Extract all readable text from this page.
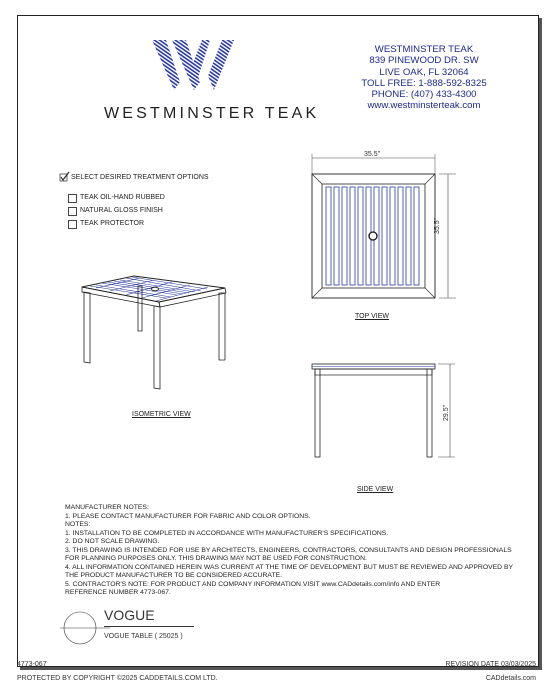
WESTMINSTER TEAK
WESTMINSTER TEAK
839 PINEWOOD DR. SW
LIVE OAK, FL 32064
TOLL FREE: 1-888-592-8325
PHONE: (407) 433-4300
www.westminsterteak.com
SELECT DESIRED TREATMENT OPTIONS
TEAK OIL-HAND RUBBED
NATURAL GLOSS FINISH
TEAK PROTECTOR
35.5"
35.5"
TOP VIEW
ISOMETRIC VIEW	29.5"
SIDE VIEW
MANUFACTURER NOTES:
1. PLEASE CONTACT MANUFACTURER FOR FABRIC AND COLOR OPTIONS.
NOTES:
1. INSTALLATION TO BE COMPLETED IN ACCORDANCE WITH MANUFACTURER'S SPECIFICATIONS.
2. DO NOT SCALE DRAWING.
3. THIS DRAWING IS INTENDED FOR USE BY ARCHITECTS, ENGINEERS, CONTRACTORS, CONSULTANTS AND DESIGN PROFESSIONALS
FOR PLANNING PURPOSES ONLY. THIS DRAWING MAY NOT BE USED FOR CONSTRUCTION.
4. ALL INFORMATION CONTAINED HEREIN WAS CURRENT AT THE TIME OF DEVELOPMENT BUT MUST BE REVIEWED AND APPROVED BY
THE PRODUCT MANUFACTURER TO BE CONSIDERED ACCURATE.
5. CONTRACTOR'S NOTE: FOR PRODUCT AND COMPANY INFORMATION VISIT www.CADdetails.com/info AND ENTER
REFERENCE NUMBER 4773-067.
VOGUE
VOGUE TABLE ( 25025 )
4773-067	REVISION DATE 03/03/2025
PROTECTED BY COPYRIGHT ©2025 CADDETAILS.COM LTD.	CADdetails.com
